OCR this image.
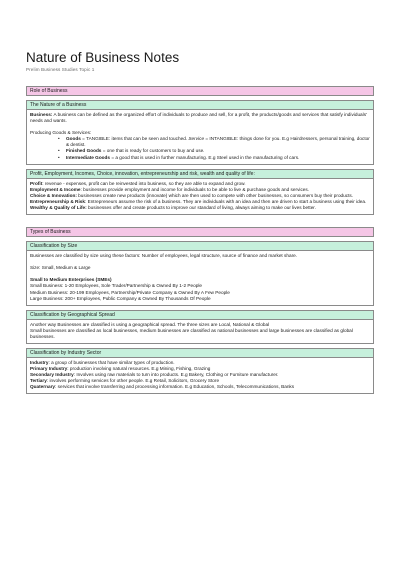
Nature of Business Notes
Prelim Business Studies Topic 1
Role of Business
The Nature of a Business

Business: A business can be defined as the organized effort of individuals to produce and sell, for a profit, the products/goods and services that satisfy individuals' needs and wants.

Producing Goods & Services:

• Goods = TANGIBLE: items that can be seen and touched. Service = INTANGIBLE: things done for you. E.g Hairdressers, personal training, doctor & dentist.
• Finished Goods = one that is ready for customers to buy and use.
• Intermediate Goods = a good that is used in further manufacturing. E.g Steel used in the manufacturing of cars.
Profit, Employment, Incomes, Choice, innovation, entrepreneurship and risk, wealth and quality of life:

Profit: revenue - expenses, profit can be reinvested into business, so they are able to expand and grow.

Employment & Income: businesses provide employment and income for individuals to be able to live & purchase goods and services.

Choice & Innovation: businesses create new products (innovate) which are then used to compete with other businesses, so consumers buy their products.

Entrepreneurship & Risk: Entrepreneurs assume the risk of a business. They are individuals with an idea and then are driven to start a business using their idea.

Wealthy & Quality of Life: businesses offer and create products to improve our standard of living, always aiming to make our lives better.

Types of Business
Classification by Size

Businesses are classified by size using these factors: Number of employees, legal structure, source of finance and market share.

Size: Small, Medium & Large

Small to Medium Enterprises (SMEs)

Small Business: 1-20 Employees, Sole Trader/Partnership & Owned By 1-2 People

Medium Business: 20-199 Employees, Partnership/Private Company & Owned By A Few People

Large Business: 200+ Employees, Public Company & Owned By Thousands Of People

Classification by Geographical Spread

Another way Businesses are classified is using a geographical spread. The three sizes are Local, National & Global

Small businesses are classified as local businesses, medium businesses are classified as national businesses and large businesses are classified as global businesses.

Classification by Industry Sector

Industry: a group of businesses that have similar types of production.

Primary Industry: production involving natural resources. E.g Mining, Fishing, Grazing

Secondary Industry: Involves using raw materials to turn into products. E.g Bakery, Clothing or Furniture manufacturer.

Tertiary: involves performing services for other people. E.g Retail, Solicitors, Grocery Store

Quaternary: services that involve transferring and processing information. E.g Education, Schools, Telecommunications, Banks
